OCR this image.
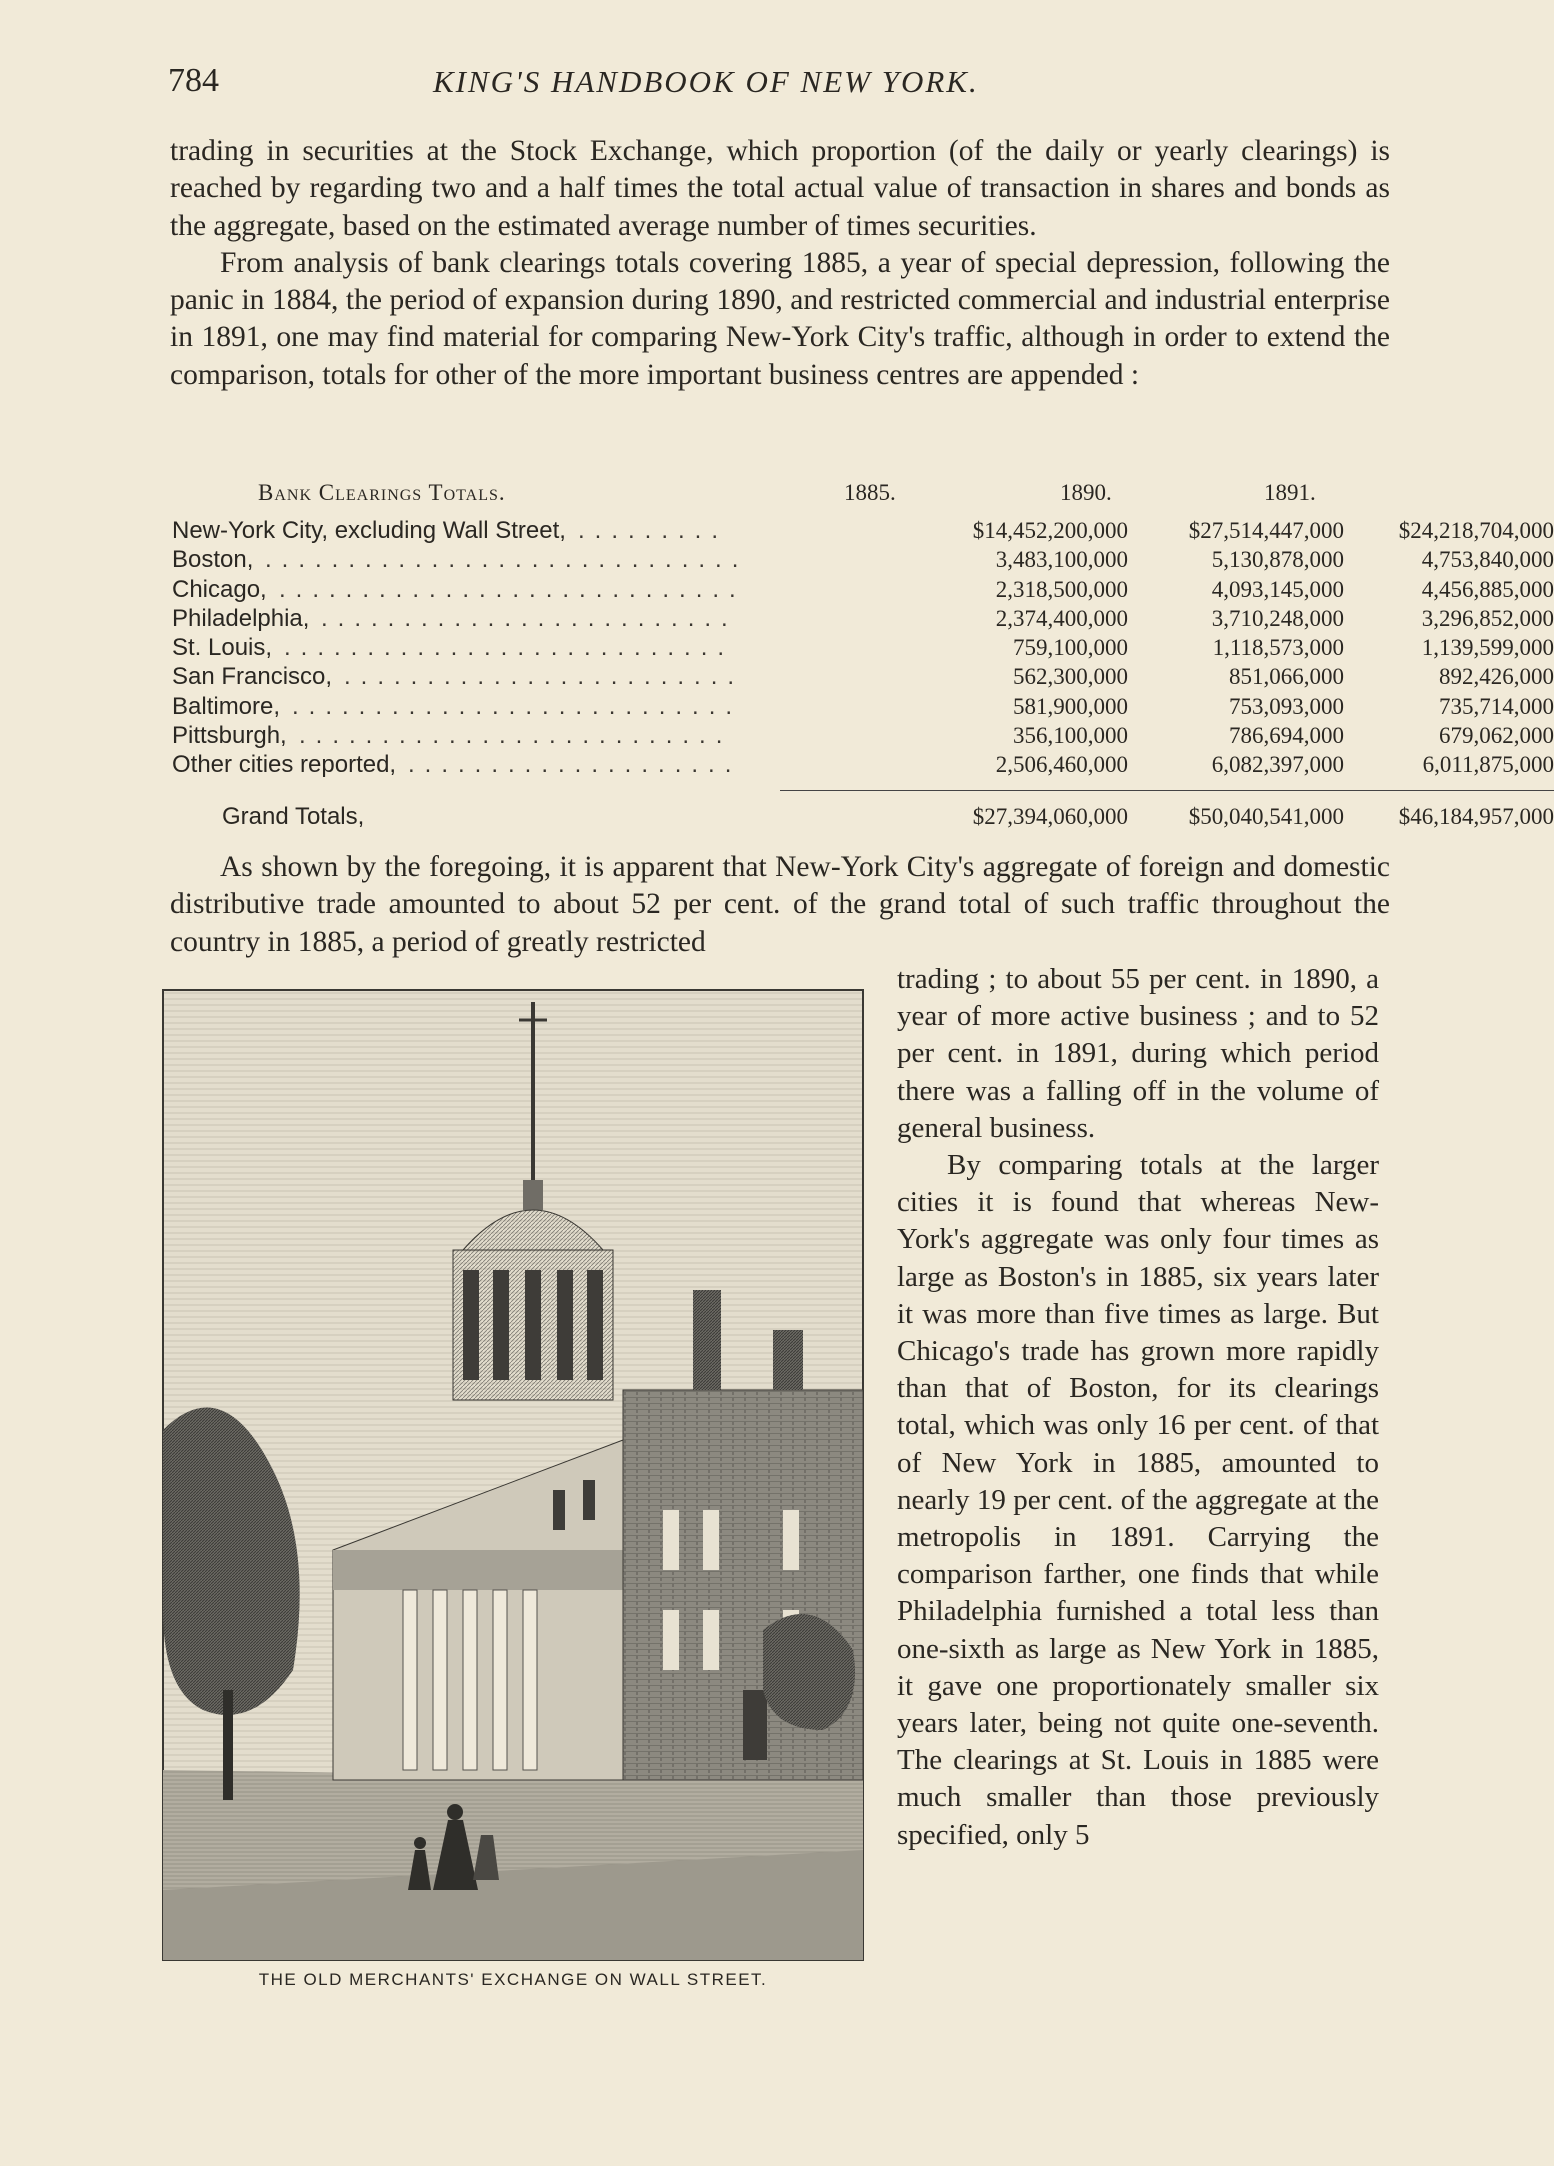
784	KING'S HANDBOOK OF NEW YORK.

trading in securities at the Stock Exchange, which proportion (of the daily or yearly clearings) is reached by regarding two and a half times the total actual value of transaction in shares and bonds as the aggregate, based on the estimated average number of times securities.

From analysis of bank clearings totals covering 1885, a year of special depression, following the panic in 1884, the period of expansion during 1890, and restricted commercial and industrial enterprise in 1891, one may find material for comparing New-York City's traffic, although in order to extend the comparison, totals for other of the more important business centres are appended :

Bank Clearings Totals.	1885.	1890.	1891.
New-York City, excluding Wall Street, .........	$14,452,200,000	$27,514,447,000	$24,218,704,000
Boston, .............................	3,483,100,000	5,130,878,000	4,753,840,000
Chicago, ............................	2,318,500,000	4,093,145,000	4,456,885,000
Philadelphia, .........................	2,374,400,000	3,710,248,000	3,296,852,000
St. Louis, ...........................	759,100,000	1,118,573,000	1,139,599,000
San Francisco, ........................	562,300,000	851,066,000	892,426,000
Baltimore, ...........................	581,900,000	753,093,000	735,714,000
Pittsburgh, ..........................	356,100,000	786,694,000	679,062,000
Other cities reported, ....................	2,506,460,000	6,082,397,000	6,011,875,000
Grand Totals,	$27,394,060,000	$50,040,541,000	$46,184,957,000

As shown by the foregoing, it is apparent that New-York City's aggregate of foreign and domestic distributive trade amounted to about 52 per cent. of the grand total of such traffic throughout the country in 1885, a period of greatly restricted

THE OLD MERCHANTS' EXCHANGE ON WALL STREET.

trading ; to about 55 per cent. in 1890, a year of more active business ; and to 52 per cent. in 1891, during which period there was a falling off in the volume of general business.

By comparing totals at the larger cities it is found that whereas New-York's aggregate was only four times as large as Boston's in 1885, six years later it was more than five times as large. But Chicago's trade has grown more rapidly than that of Boston, for its clearings total, which was only 16 per cent. of that of New York in 1885, amounted to nearly 19 per cent. of the aggregate at the metropolis in 1891. Carrying the comparison farther, one finds that while Philadelphia furnished a total less than one-sixth as large as New York in 1885, it gave one proportionately smaller six years later, being not quite one-seventh. The clearings at St. Louis in 1885 were much smaller than those previously specified, only 5
